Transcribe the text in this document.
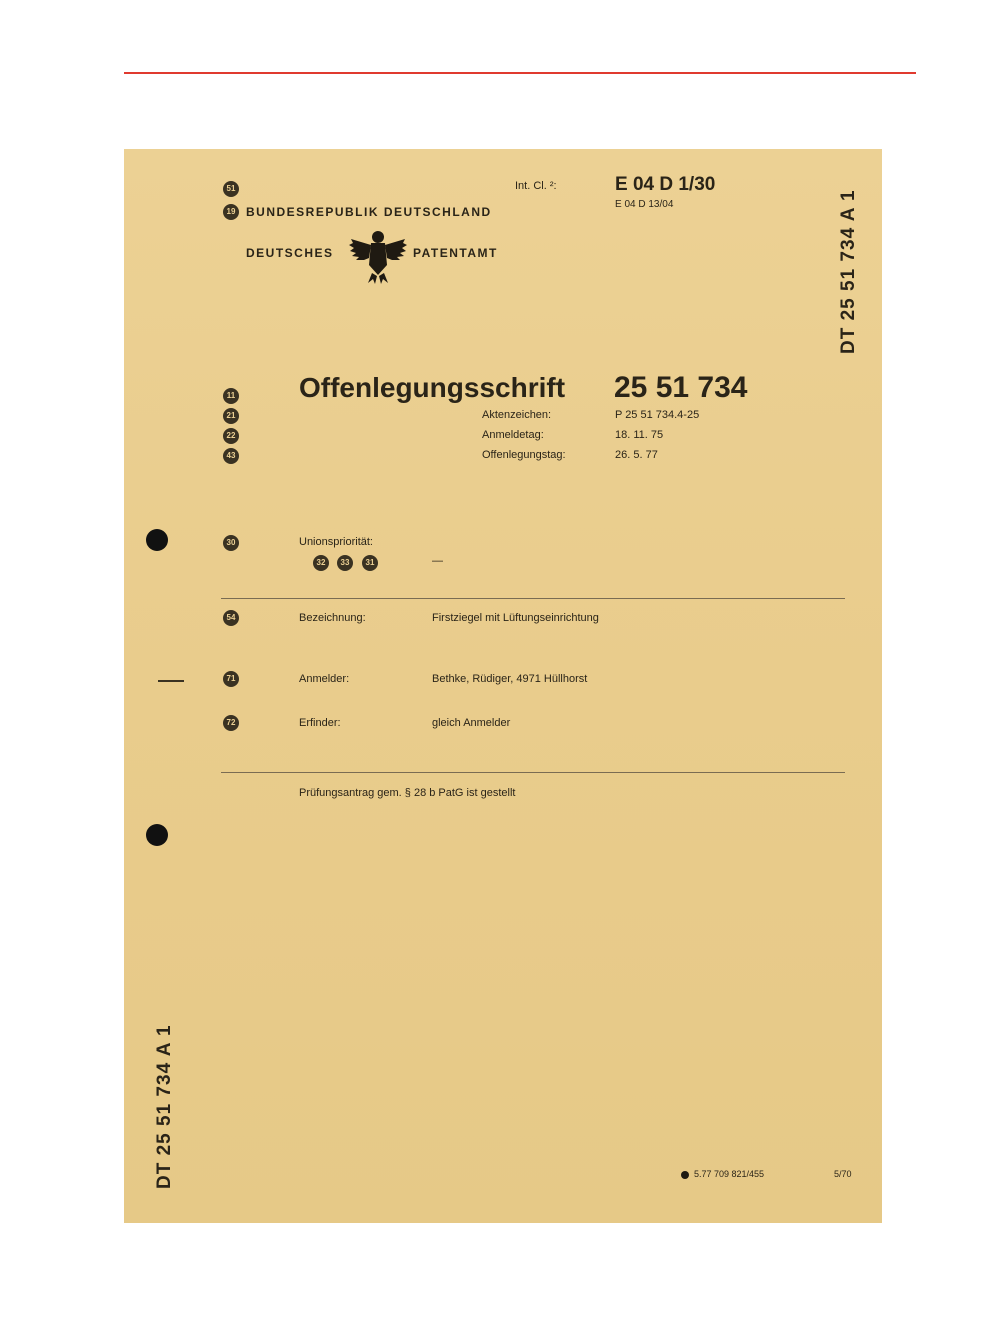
51
19 BUNDESREPUBLIK DEUTSCHLAND
DEUTSCHES	PATENTAMT
Int. Cl. ²:	E 04 D 1/30
E 04 D 13/04	DT 25 51 734 A 1
11 Offenlegungsschrift 25 51 734
21	Aktenzeichen:	P 25 51 734.4-25
22	Anmeldetag:	18. 11. 75
43	Offenlegungstag:	26. 5. 77
30	Unionspriorität:
32	33	31	—
54	Bezeichnung:	Firstziegel mit Lüftungseinrichtung
71	Anmelder:	Bethke, Rüdiger, 4971 Hüllhorst
72	Erfinder:	gleich Anmelder
Prüfungsantrag gem. § 28 b PatG ist gestellt
DT 25 51 734 A 1	5.77 709 821/455	5/70
